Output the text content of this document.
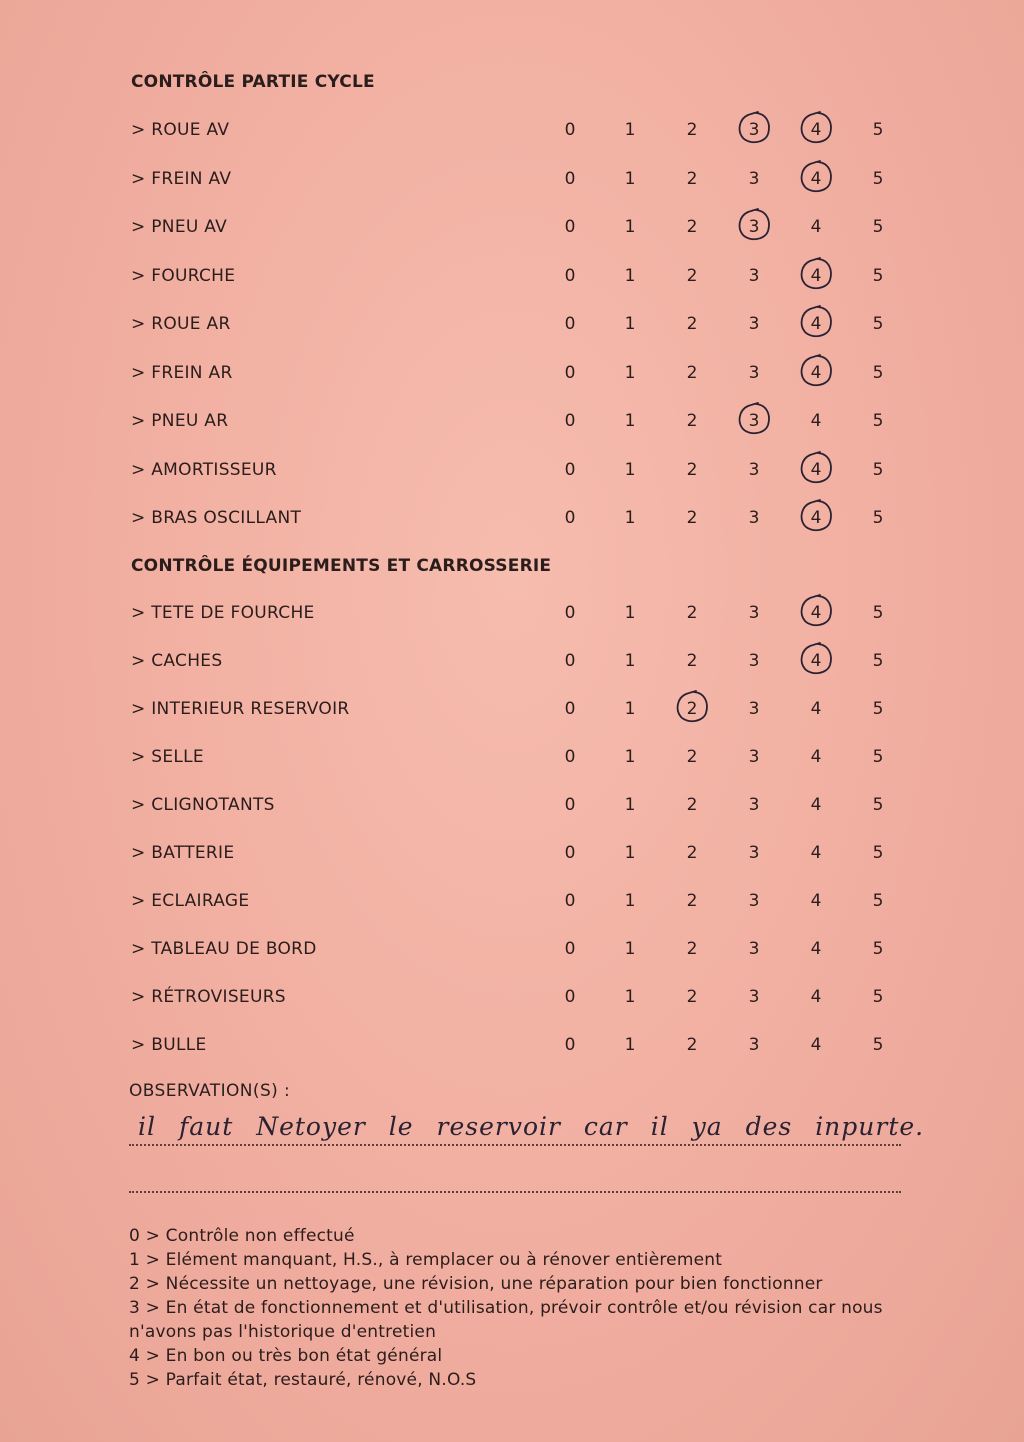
CONTRÔLE PARTIE CYCLE
> ROUE AV	0	1	2	3	4	5
> FREIN AV	0	1	2	3	4	5
> PNEU AV	0	1	2	3	4	5
> FOURCHE	0	1	2	3	4	5
> ROUE AR	0	1	2	3	4	5
> FREIN AR	0	1	2	3	4	5
> PNEU AR	0	1	2	3	4	5
> AMORTISSEUR	0	1	2	3	4	5
> BRAS OSCILLANT	0	1	2	3	4	5
CONTRÔLE ÉQUIPEMENTS ET CARROSSERIE
> TETE DE FOURCHE	0	1	2	3	4	5
> CACHES	0	1	2	3	4	5
> INTERIEUR RESERVOIR	0	1	2	3	4	5
> SELLE	0	1	2	3	4	5
> CLIGNOTANTS	0	1	2	3	4	5
> BATTERIE	0	1	2	3	4	5
> ECLAIRAGE	0	1	2	3	4	5
> TABLEAU DE BORD	0	1	2	3	4	5
> RÉTROVISEURS	0	1	2	3	4	5
> BULLE	0	1	2	3	4	5
OBSERVATION(S) :
il faut Netoyer le reservoir car il ya des inpurte.
0 > Contrôle non effectué
1 > Elément manquant, H.S., à remplacer ou à rénover entièrement
2 > Nécessite un nettoyage, une révision, une réparation pour bien fonctionner
3 > En état de fonctionnement et d'utilisation, prévoir contrôle et/ou révision car nous n'avons pas l'historique d'entretien
4 > En bon ou très bon état général
5 > Parfait état, restauré, rénové, N.O.S
